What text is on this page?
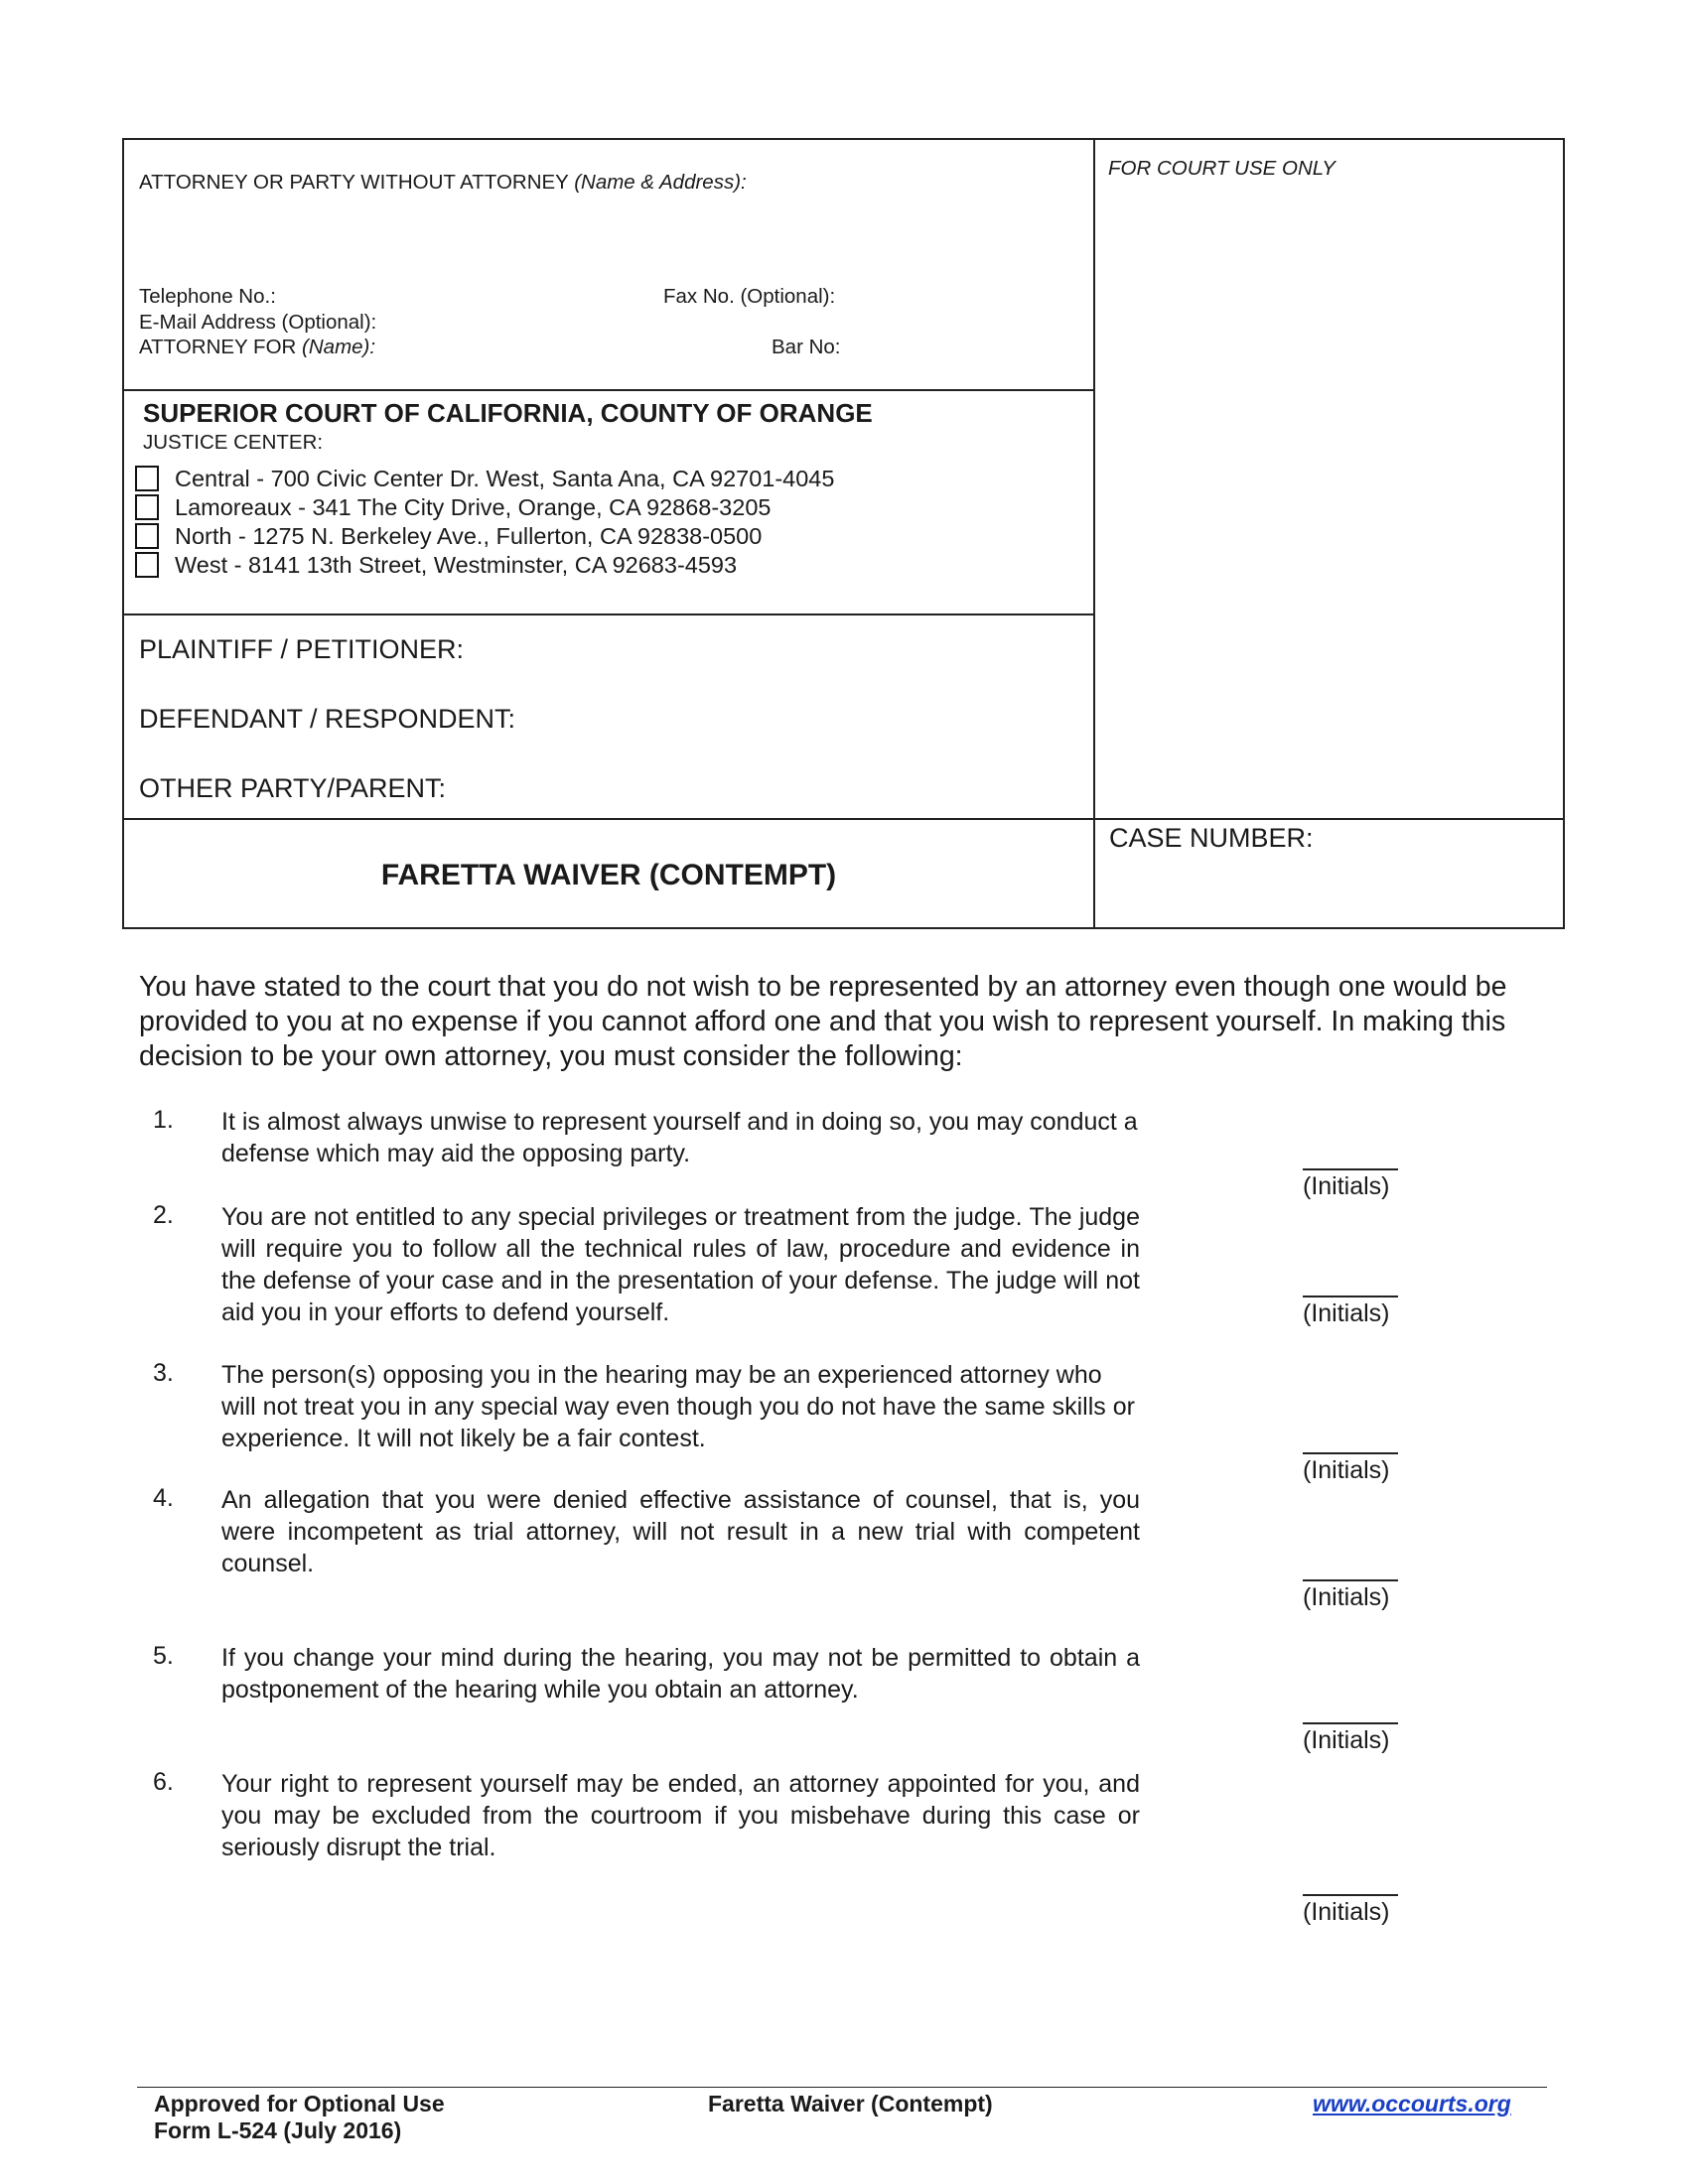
ATTORNEY OR PARTY WITHOUT ATTORNEY (Name & Address):
FOR COURT USE ONLY
Telephone No.:	Fax No. (Optional):
E-Mail Address (Optional):
ATTORNEY FOR (Name):	Bar No:
SUPERIOR COURT OF CALIFORNIA, COUNTY OF ORANGE
JUSTICE CENTER:
Central - 700 Civic Center Dr. West, Santa Ana, CA 92701-4045
Lamoreaux - 341 The City Drive, Orange, CA 92868-3205
North - 1275 N. Berkeley Ave., Fullerton, CA 92838-0500
West - 8141 13th Street, Westminster, CA 92683-4593
PLAINTIFF / PETITIONER:
DEFENDANT / RESPONDENT:
OTHER PARTY/PARENT:
FARETTA WAIVER (CONTEMPT)
CASE NUMBER:
You have stated to the court that you do not wish to be represented by an attorney even though one would be provided to you at no expense if you cannot afford one and that you wish to represent yourself. In making this decision to be your own attorney, you must consider the following:
1. It is almost always unwise to represent yourself and in doing so, you may conduct a defense which may aid the opposing party.
(Initials)
2. You are not entitled to any special privileges or treatment from the judge. The judge will require you to follow all the technical rules of law, procedure and evidence in the defense of your case and in the presentation of your defense. The judge will not aid you in your efforts to defend yourself.	(Initials)
3. The person(s) opposing you in the hearing may be an experienced attorney who will not treat you in any special way even though you do not have the same skills or experience. It will not likely be a fair contest.
(Initials)
4. An allegation that you were denied effective assistance of counsel, that is, you were incompetent as trial attorney, will not result in a new trial with competent counsel.
(Initials)
5. If you change your mind during the hearing, you may not be permitted to obtain a postponement of the hearing while you obtain an attorney.
(Initials)
6. Your right to represent yourself may be ended, an attorney appointed for you, and you may be excluded from the courtroom if you misbehave during this case or seriously disrupt the trial.
(Initials)
Approved for Optional Use
Form L-524 (July 2016)
Faretta Waiver (Contempt)	www.occourts.org
